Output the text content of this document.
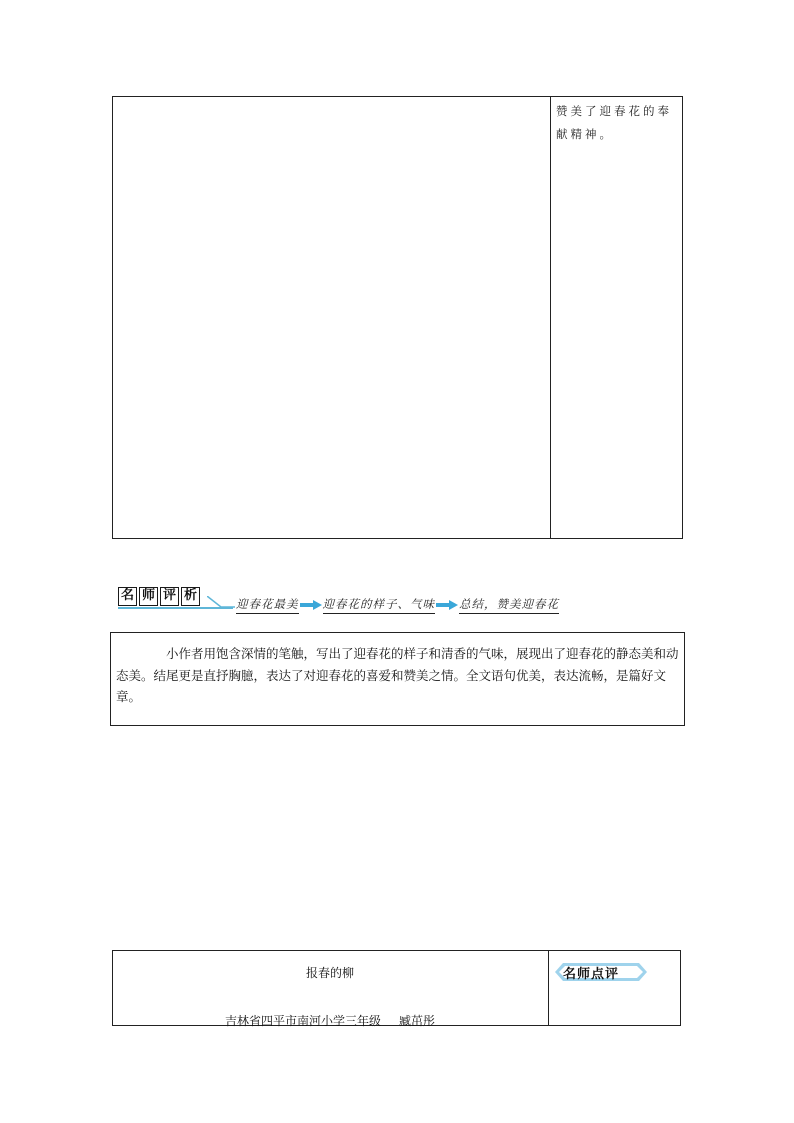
赞美了迎春花的奉献精神。
名 师 评 析
迎春花最美 迎春花的样子、气味 总结，赞美迎春花
小作者用饱含深情的笔触，写出了迎春花的样子和清香的气味，展现出了迎春花的静态美和动态美。结尾更是直抒胸臆，表达了对迎春花的喜爱和赞美之情。全文语句优美，表达流畅，是篇好文章。
报春的柳
吉林省四平市南河小学三年级 臧茁彤
名师点评
